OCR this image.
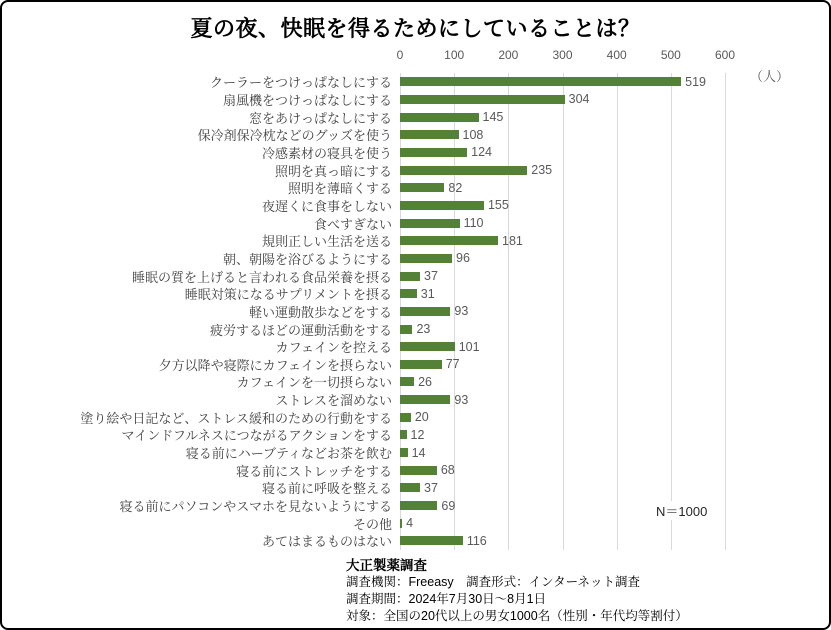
夏の夜、快眠を得るためにしていることは？
0	100	200	300	400	500	600
（人）
クーラーをつけっぱなしにする	519
扇風機をつけっぱなしにする	304
窓をあけっぱなしにする	145
保冷剤保冷枕などのグッズを使う	108
冷感素材の寝具を使う	124
照明を真っ暗にする	235
照明を薄暗くする	82
夜遅くに食事をしない	155
食べすぎない	110
規則正しい生活を送る	181
朝、朝陽を浴びるようにする	96
睡眠の質を上げると言われる食品栄養を摂る	37
睡眠対策になるサプリメントを摂る	31
軽い運動散歩などをする	93
疲労するほどの運動活動をする	23
カフェインを控える	101
夕方以降や寝際にカフェインを摂らない	77
カフェインを一切摂らない	26
ストレスを溜めない	93
塗り絵や日記など、ストレス緩和のための行動をする	20
マインドフルネスにつながるアクションをする	12
寝る前にハーブティなどお茶を飲む	14
寝る前にストレッチをする	68
寝る前に呼吸を整える	37
寝る前にパソコンやスマホを見ないようにする	69
その他	4
あてはまるものはない	116
N＝1000
大正製薬調査
調査機関：Freeasy　調査形式：インターネット調査
調査期間：2024年7月30日～8月1日
対象：全国の20代以上の男女1000名（性別・年代均等割付）
